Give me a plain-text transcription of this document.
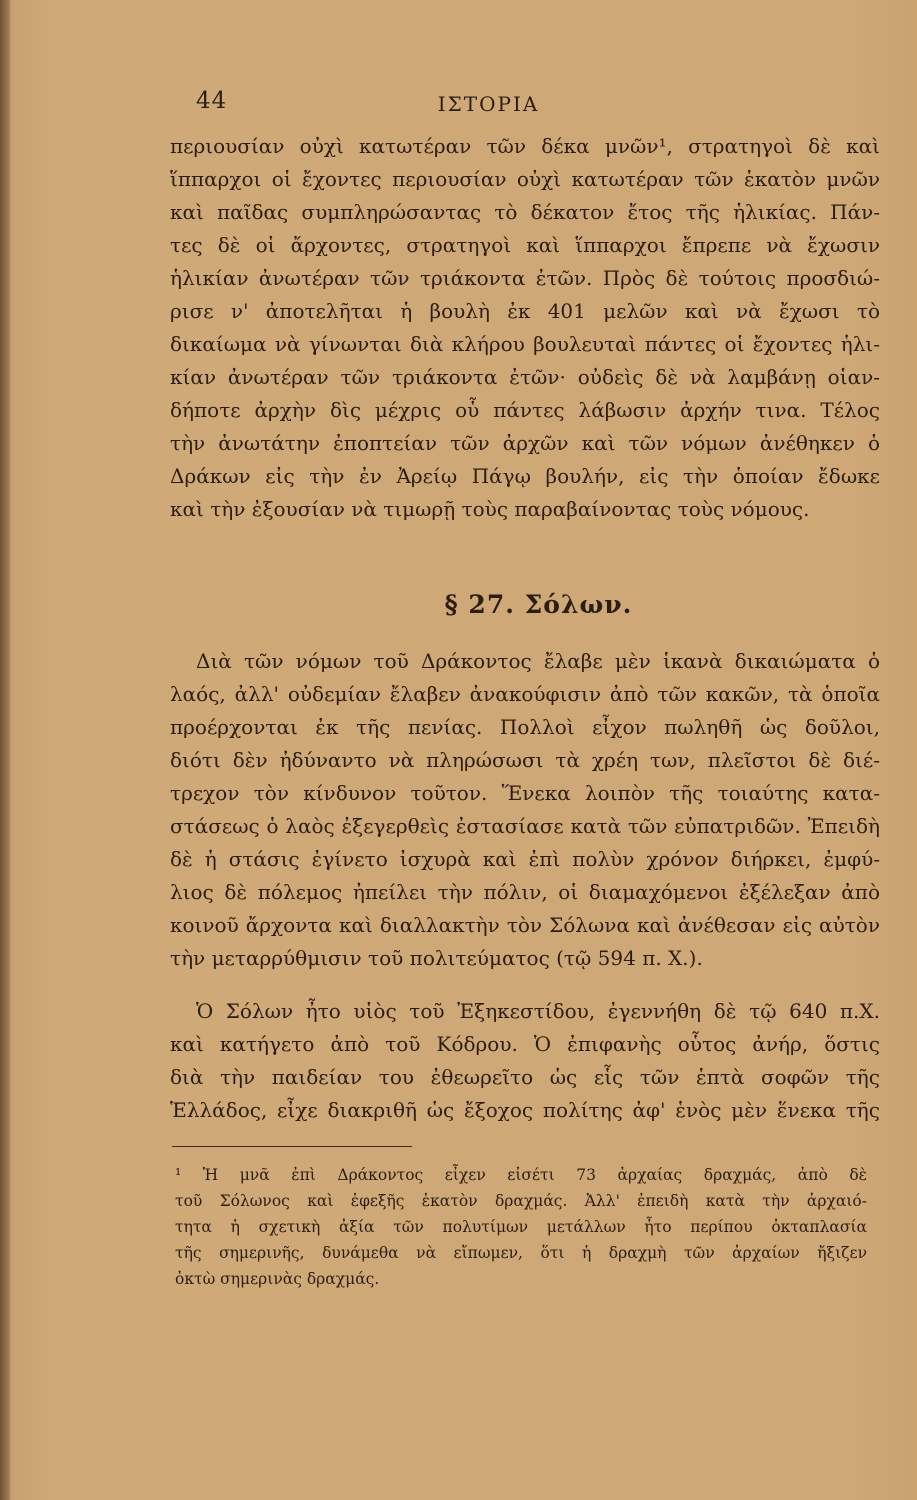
44	ΙΣΤΟΡΙΑ
περιουσίαν οὐχὶ κατωτέραν τῶν δέκα μνῶν¹, στρατηγοὶ δὲ καὶ
ἵππαρχοι οἱ ἔχοντες περιουσίαν οὐχὶ κατωτέραν τῶν ἑκατὸν μνῶν
καὶ παῖδας συμπληρώσαντας τὸ δέκατον ἔτος τῆς ἡλικίας. Πάν-
τες δὲ οἱ ἄρχοντες, στρατηγοὶ καὶ ἵππαρχοι ἔπρεπε νὰ ἔχωσιν
ἡλικίαν ἀνωτέραν τῶν τριάκοντα ἐτῶν. Πρὸς δὲ τούτοις προσδιώ-
ρισε ν' ἀποτελῆται ἡ βουλὴ ἐκ 401 μελῶν καὶ νὰ ἔχωσι τὸ
δικαίωμα νὰ γίνωνται διὰ κλήρου βουλευταὶ πάντες οἱ ἔχοντες ἡλι-
κίαν ἀνωτέραν τῶν τριάκοντα ἐτῶν· οὐδεὶς δὲ νὰ λαμβάνῃ οἱαν-
δήποτε ἀρχὴν δὶς μέχρις οὗ πάντες λάβωσιν ἀρχήν τινα. Τέλος
τὴν ἀνωτάτην ἐποπτείαν τῶν ἀρχῶν καὶ τῶν νόμων ἀνέθηκεν ὁ
Δράκων εἰς τὴν ἐν Ἀρείῳ Πάγῳ βουλήν, εἰς τὴν ὁποίαν ἔδωκε
καὶ τὴν ἐξουσίαν νὰ τιμωρῇ τοὺς παραβαίνοντας τοὺς νόμους.
§ 27. Σόλων.
Διὰ τῶν νόμων τοῦ Δράκοντος ἔλαβε μὲν ἱκανὰ δικαιώματα ὁ
λαός, ἀλλ' οὐδεμίαν ἔλαβεν ἀνακούφισιν ἀπὸ τῶν κακῶν, τὰ ὁποῖα
προέρχονται ἐκ τῆς πενίας. Πολλοὶ εἶχον πωληθῆ ὡς δοῦλοι,
διότι δὲν ἠδύναντο νὰ πληρώσωσι τὰ χρέη των, πλεῖστοι δὲ διέ-
τρεχον τὸν κίνδυνον τοῦτον. Ἕνεκα λοιπὸν τῆς τοιαύτης κατα-
στάσεως ὁ λαὸς ἐξεγερθεὶς ἐστασίασε κατὰ τῶν εὐπατριδῶν. Ἐπειδὴ
δὲ ἡ στάσις ἐγίνετο ἰσχυρὰ καὶ ἐπὶ πολὺν χρόνον διήρκει, ἐμφύ-
λιος δὲ πόλεμος ἠπείλει τὴν πόλιν, οἱ διαμαχόμενοι ἐξέλεξαν ἀπὸ
κοινοῦ ἄρχοντα καὶ διαλλακτὴν τὸν Σόλωνα καὶ ἀνέθεσαν εἰς αὐτὸν
τὴν μεταρρύθμισιν τοῦ πολιτεύματος (τῷ 594 π. Χ.).
Ὁ Σόλων ἦτο υἱὸς τοῦ Ἐξηκεστίδου, ἐγεννήθη δὲ τῷ 640 π.Χ.
καὶ κατήγετο ἀπὸ τοῦ Κόδρου. Ὁ ἐπιφανὴς οὗτος ἀνήρ, ὅστις
διὰ τὴν παιδείαν του ἐθεωρεῖτο ὡς εἷς τῶν ἑπτὰ σοφῶν τῆς
Ἑλλάδος, εἶχε διακριθῆ ὡς ἔξοχος πολίτης ἀφ' ἑνὸς μὲν ἕνεκα τῆς
¹ Ἡ μνᾶ ἐπὶ Δράκοντος εἶχεν εἰσέτι 73 ἀρχαίας δραχμάς, ἀπὸ δὲ
τοῦ Σόλωνος καὶ ἐφεξῆς ἑκατὸν δραχμάς. Ἀλλ' ἐπειδὴ κατὰ τὴν ἀρχαιό-
τητα ἡ σχετικὴ ἀξία τῶν πολυτίμων μετάλλων ἦτο περίπου ὀκταπλασία
τῆς σημερινῆς, δυνάμεθα νὰ εἴπωμεν, ὅτι ἡ δραχμὴ τῶν ἀρχαίων ἤξιζεν
ὀκτὼ σημερινὰς δραχμάς.
